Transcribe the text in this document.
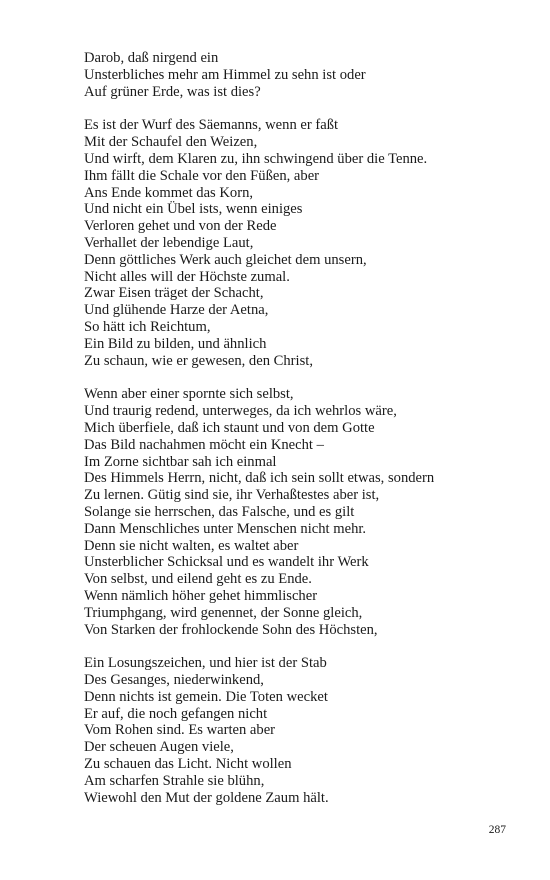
Darob, daß nirgend ein
Unsterbliches mehr am Himmel zu sehn ist oder
Auf grüner Erde, was ist dies?
Es ist der Wurf des Säemanns, wenn er faßt
Mit der Schaufel den Weizen,
Und wirft, dem Klaren zu, ihn schwingend über die Tenne.
Ihm fällt die Schale vor den Füßen, aber
Ans Ende kommet das Korn,
Und nicht ein Übel ists, wenn einiges
Verloren gehet und von der Rede
Verhallet der lebendige Laut,
Denn göttliches Werk auch gleichet dem unsern,
Nicht alles will der Höchste zumal.
Zwar Eisen träget der Schacht,
Und glühende Harze der Aetna,
So hätt ich Reichtum,
Ein Bild zu bilden, und ähnlich
Zu schaun, wie er gewesen, den Christ,
Wenn aber einer spornte sich selbst,
Und traurig redend, unterweges, da ich wehrlos wäre,
Mich überfiele, daß ich staunt und von dem Gotte
Das Bild nachahmen möcht ein Knecht –
Im Zorne sichtbar sah ich einmal
Des Himmels Herrn, nicht, daß ich sein sollt etwas, sondern
Zu lernen. Gütig sind sie, ihr Verhaßtestes aber ist,
Solange sie herrschen, das Falsche, und es gilt
Dann Menschliches unter Menschen nicht mehr.
Denn sie nicht walten, es waltet aber
Unsterblicher Schicksal und es wandelt ihr Werk
Von selbst, und eilend geht es zu Ende.
Wenn nämlich höher gehet himmlischer
Triumphgang, wird genennet, der Sonne gleich,
Von Starken der frohlockende Sohn des Höchsten,
Ein Losungszeichen, und hier ist der Stab
Des Gesanges, niederwinkend,
Denn nichts ist gemein. Die Toten wecket
Er auf, die noch gefangen nicht
Vom Rohen sind. Es warten aber
Der scheuen Augen viele,
Zu schauen das Licht. Nicht wollen
Am scharfen Strahle sie blühn,
Wiewohl den Mut der goldene Zaum hält.
287
